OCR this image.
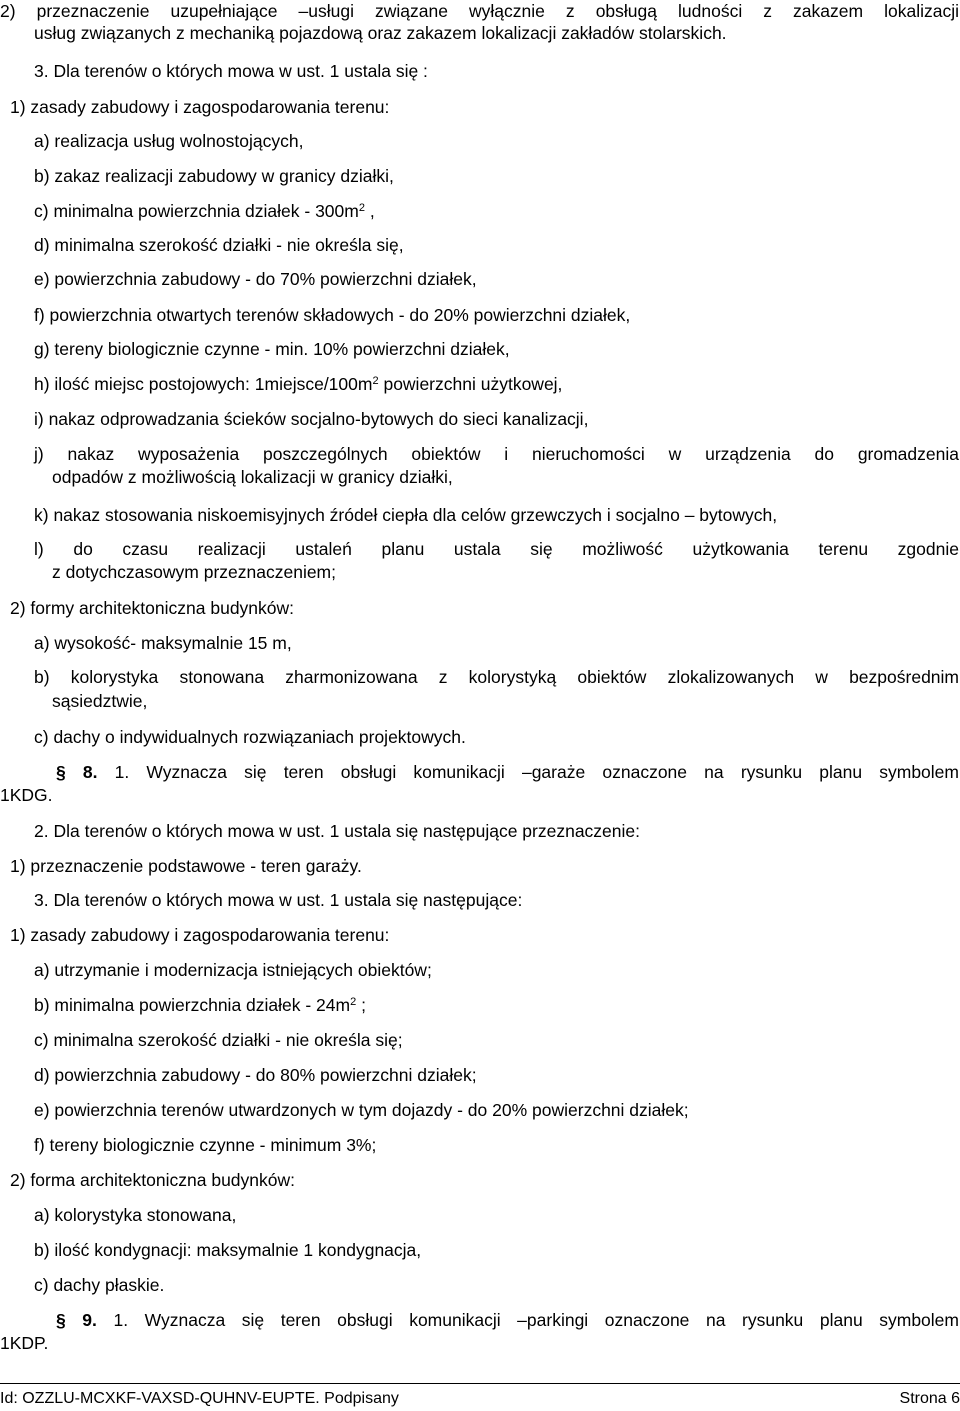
2) przeznaczenie uzupełniające –usługi związane wyłącznie z obsługą ludności z zakazem lokalizacji
usług związanych z mechaniką pojazdową oraz zakazem lokalizacji zakładów stolarskich.
3. Dla terenów o których mowa w ust. 1 ustala się :
1) zasady zabudowy i zagospodarowania terenu:
a) realizacja usług wolnostojących,
b) zakaz realizacji zabudowy w granicy działki,
c) minimalna powierzchnia działek - $300m^2$ ,
d) minimalna szerokość działki - nie określa się,
e) powierzchnia zabudowy - do 70% powierzchni działek,
f) powierzchnia otwartych terenów składowych - do 20% powierzchni działek,
g) tereny biologicznie czynne - min. 10% powierzchni działek,
h) ilość miejsc postojowych: $1miejsce/100m^2$ powierzchni użytkowej,
i) nakaz odprowadzania ścieków socjalno-bytowych do sieci kanalizacji,
j) nakaz wyposażenia poszczególnych obiektów i nieruchomości w urządzenia do gromadzenia
odpadów z możliwością lokalizacji w granicy działki,
k) nakaz stosowania niskoemisyjnych źródeł ciepła dla celów grzewczych i socjalno – bytowych,
l) do czasu realizacji ustaleń planu ustala się możliwość użytkowania terenu zgodnie
z dotychczasowym przeznaczeniem;
2) formy architektoniczna budynków:
a) wysokość- maksymalnie 15 m,
b) kolorystyka stonowana zharmonizowana z kolorystyką obiektów zlokalizowanych w bezpośrednim
sąsiedztwie,
c) dachy o indywidualnych rozwiązaniach projektowych.
§ 8. 1. Wyznacza się teren obsługi komunikacji –garaże oznaczone na rysunku planu symbolem
1KDG.
2. Dla terenów o których mowa w ust. 1 ustala się następujące przeznaczenie:
1) przeznaczenie podstawowe - teren garaży.
3. Dla terenów o których mowa w ust. 1 ustala się następujące:
1) zasady zabudowy i zagospodarowania terenu:
a) utrzymanie i modernizacja istniejących obiektów;
b) minimalna powierzchnia działek - $24m^2$ ;
c) minimalna szerokość działki - nie określa się;
d) powierzchnia zabudowy - do 80% powierzchni działek;
e) powierzchnia terenów utwardzonych w tym dojazdy - do 20% powierzchni działek;
f) tereny biologicznie czynne - minimum 3%;
2) forma architektoniczna budynków:
a) kolorystyka stonowana,
b) ilość kondygnacji: maksymalnie 1 kondygnacja,
c) dachy płaskie.
§ 9. 1. Wyznacza się teren obsługi komunikacji –parkingi oznaczone na rysunku planu symbolem
1KDP.
Id: OZZLU-MCXKF-VAXSD-QUHNV-EUPTE. Podpisany	Strona 6
